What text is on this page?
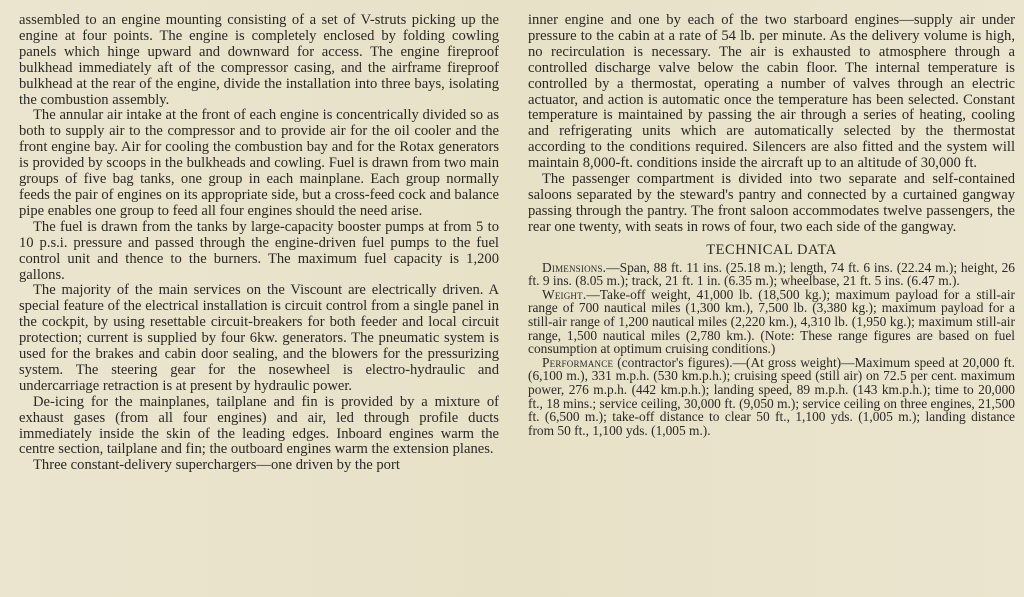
assembled to an engine mounting consisting of a set of V-struts picking up the engine at four points. The engine is completely enclosed by folding cowling panels which hinge upward and downward for access. The engine fireproof bulkhead immediately aft of the compressor casing, and the airframe fireproof bulkhead at the rear of the engine, divide the installation into three bays, isolating the combustion assembly.

The annular air intake at the front of each engine is concentrically divided so as both to supply air to the compressor and to provide air for the oil cooler and the front engine bay. Air for cooling the combustion bay and for the Rotax generators is provided by scoops in the bulkheads and cowling. Fuel is drawn from two main groups of five bag tanks, one group in each mainplane. Each group normally feeds the pair of engines on its appropriate side, but a cross-feed cock and balance pipe enables one group to feed all four engines should the need arise.

The fuel is drawn from the tanks by large-capacity booster pumps at from 5 to 10 p.s.i. pressure and passed through the engine-driven fuel pumps to the fuel control unit and thence to the burners. The maximum fuel capacity is 1,200 gallons.

The majority of the main services on the Viscount are electrically driven. A special feature of the electrical installation is circuit control from a single panel in the cockpit, by using resettable circuit-breakers for both feeder and local circuit protection; current is supplied by four 6kw. generators. The pneumatic system is used for the brakes and cabin door sealing, and the blowers for the pressurizing system. The steering gear for the nosewheel is electro-hydraulic and undercarriage retraction is at present by hydraulic power.

De-icing for the mainplanes, tailplane and fin is provided by a mixture of exhaust gases (from all four engines) and air, led through profile ducts immediately inside the skin of the leading edges. Inboard engines warm the centre section, tailplane and fin; the outboard engines warm the extension planes.

Three constant-delivery superchargers—one driven by the port

inner engine and one by each of the two starboard engines—supply air under pressure to the cabin at a rate of 54 lb. per minute. As the delivery volume is high, no recirculation is necessary. The air is exhausted to atmosphere through a controlled discharge valve below the cabin floor. The internal temperature is controlled by a thermostat, operating a number of valves through an electric actuator, and action is automatic once the temperature has been selected. Constant temperature is maintained by passing the air through a series of heating, cooling and refrigerating units which are automatically selected by the thermostat according to the conditions required. Silencers are also fitted and the system will maintain 8,000-ft. conditions inside the aircraft up to an altitude of 30,000 ft.

The passenger compartment is divided into two separate and self-contained saloons separated by the steward's pantry and connected by a curtained gangway passing through the pantry. The front saloon accommodates twelve passengers, the rear one twenty, with seats in rows of four, two each side of the gangway.

TECHNICAL DATA

Dimensions.—Span, 88 ft. 11 ins. (25.18 m.); length, 74 ft. 6 ins. (22.24 m.); height, 26 ft. 9 ins. (8.05 m.); track, 21 ft. 1 in. (6.35 m.); wheelbase, 21 ft. 5 ins. (6.47 m.).

Weight.—Take-off weight, 41,000 lb. (18,500 kg.); maximum payload for a still-air range of 700 nautical miles (1,300 km.), 7,500 lb. (3,380 kg.); maximum payload for a still-air range of 1,200 nautical miles (2,220 km.), 4,310 lb. (1,950 kg.); maximum still-air range, 1,500 nautical miles (2,780 km.). (Note: These range figures are based on fuel consumption at optimum cruising conditions.)

Performance (contractor's figures).—(At gross weight)—Maximum speed at 20,000 ft. (6,100 m.), 331 m.p.h. (530 km.p.h.); cruising speed (still air) on 72.5 per cent. maximum power, 276 m.p.h. (442 km.p.h.); landing speed, 89 m.p.h. (143 km.p.h.); time to 20,000 ft., 18 mins.; service ceiling, 30,000 ft. (9,050 m.); service ceiling on three engines, 21,500 ft. (6,500 m.); take-off distance to clear 50 ft., 1,100 yds. (1,005 m.); landing distance from 50 ft., 1,100 yds. (1,005 m.).
